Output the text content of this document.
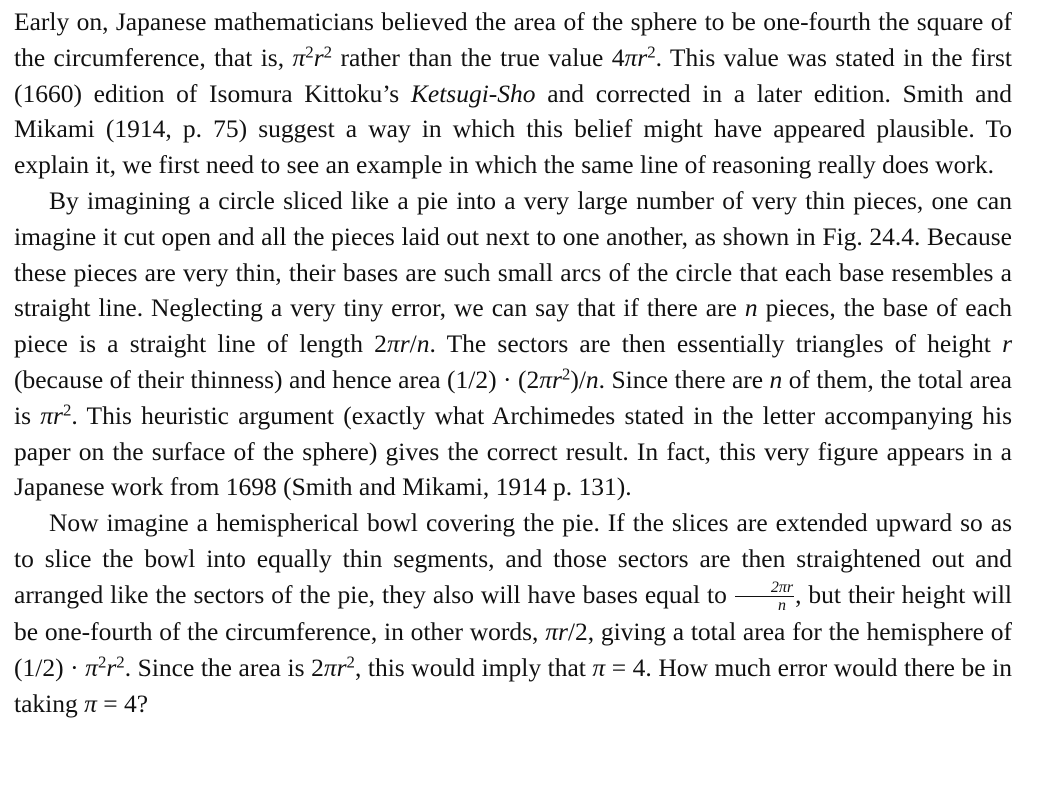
Early on, Japanese mathematicians believed the area of the sphere to be one-fourth the square of the circumference, that is, $\pi^2r^2$ rather than the true value $4\pi r^2$. This value was stated in the first (1660) edition of Isomura Kittoku’s Ketsugi-Sho and corrected in a later edition. Smith and Mikami (1914, p. 75) suggest a way in which this belief might have appeared plausible. To explain it, we first need to see an example in which the same line of reasoning really does work.

By imagining a circle sliced like a pie into a very large number of very thin pieces, one can imagine it cut open and all the pieces laid out next to one another, as shown in Fig. 24.4. Because these pieces are very thin, their bases are such small arcs of the circle that each base resembles a straight line. Neglecting a very tiny error, we can say that if there are n pieces, the base of each piece is a straight line of length 2πr/n. The sectors are then essentially triangles of height r (because of their thinness) and hence area $(1/2) \cdot (2\pi r^2)/n$. Since there are n of them, the total area is $\pi r^2$. This heuristic argument (exactly what Archimedes stated in the letter accompanying his paper on the surface of the sphere) gives the correct result. In fact, this very figure appears in a Japanese work from 1698 (Smith and Mikami, 1914 p. 131).

Now imagine a hemispherical bowl covering the pie. If the slices are extended upward so as to slice the bowl into equally thin segments, and those sectors are then straightened out and arranged like the sectors of the pie, they also will have bases equal to $\frac{2\pi r}{n}$ , but their height will be one-fourth of the circumference, in other words, πr/2, giving a total area for the hemisphere of $(1/2) \cdot \pi^2r^2$. Since the area is $2\pi r^2$, this would imply that π = 4. How much error would there be in taking π = 4?
